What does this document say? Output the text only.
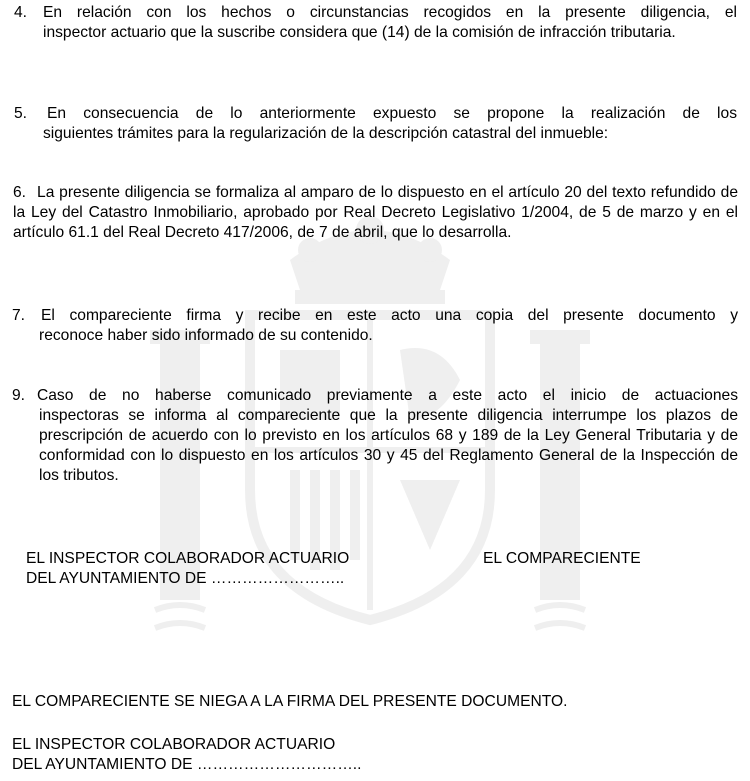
4.	En relación con los hechos o circunstancias recogidos en la presente diligencia, el
inspector actuario que la suscribe considera que (14) de la comisión de infracción tributaria.
5.	En consecuencia de lo anteriormente expuesto se propone la realización de los
siguientes trámites para la regularización de la descripción catastral del inmueble:
6. La presente diligencia se formaliza al amparo de lo dispuesto en el artículo 20 del texto refundido de la Ley del Catastro Inmobiliario, aprobado por Real Decreto Legislativo 1/2004, de 5 de marzo y en el artículo 61.1 del Real Decreto 417/2006, de 7 de abril, que lo desarrolla.
7.	El compareciente firma y recibe en este acto una copia del presente documento y
reconoce haber sido informado de su contenido.
9. Caso de no haberse comunicado previamente a este acto el inicio de actuaciones
inspectoras se informa al compareciente que la presente diligencia interrumpe los plazos de prescripción de acuerdo con lo previsto en los artículos 68 y 189 de la Ley General Tributaria y de conformidad con lo dispuesto en los artículos 30 y 45 del Reglamento General de la Inspección de los tributos.
EL INSPECTOR COLABORADOR ACTUARIO
DEL AYUNTAMIENTO DE ……………………..
EL COMPARECIENTE
EL COMPARECIENTE SE NIEGA A LA FIRMA DEL PRESENTE DOCUMENTO.
EL INSPECTOR COLABORADOR ACTUARIO
DEL AYUNTAMIENTO DE …………………………..
